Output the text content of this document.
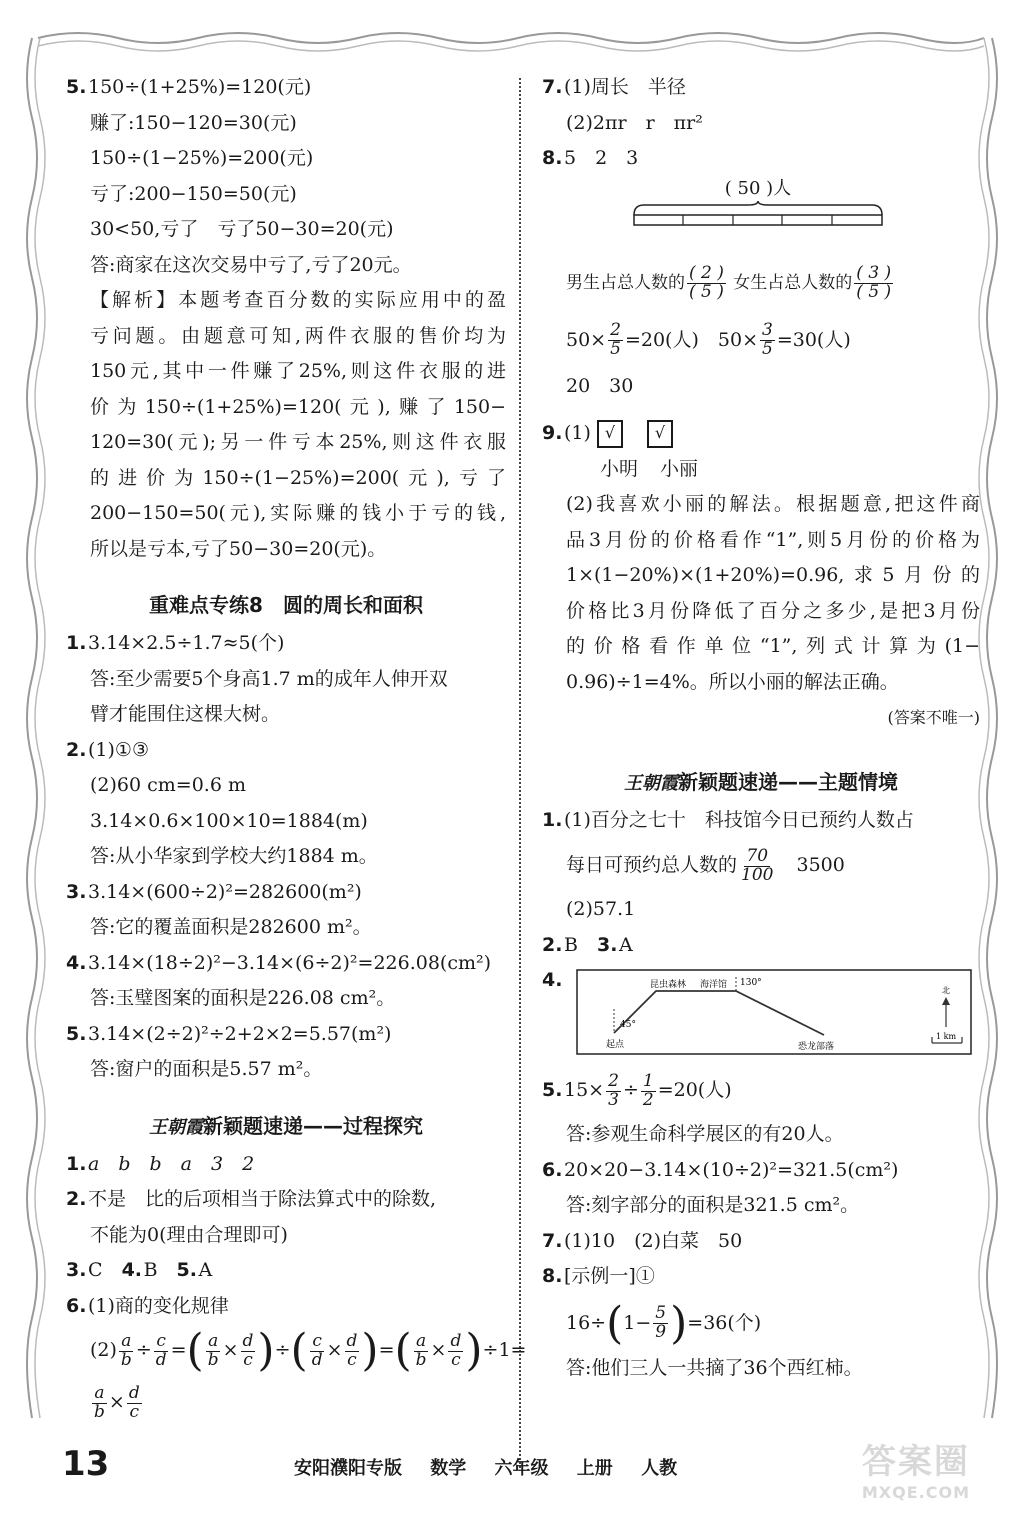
5.150÷(1+25%)=120(元)
赚了:150−120=30(元)
150÷(1−25%)=200(元)
亏了:200−150=50(元)
30<50,亏了　亏了50−30=20(元)
答:商家在这次交易中亏了,亏了20元。
【解析】本题考查百分数的实际应用中的盈
亏问题。由题意可知,两件衣服的售价均为
150元,其中一件赚了25%,则这件衣服的进
价为150÷(1+25%)=120(元),赚了150−
120=30(元);另一件亏本25%,则这件衣服
的进价为150÷(1−25%)=200(元),亏了
200−150=50(元),实际赚的钱小于亏的钱,
所以是亏本,亏了50−30=20(元)。
重难点专练8　圆的周长和面积
1.3.14×2.5÷1.7≈5(个)
答:至少需要5个身高1.7 m的成年人伸开双
臂才能围住这棵大树。
2.(1)①③
(2)60 cm=0.6 m
3.14×0.6×100×10=1884(m)
答:从小华家到学校大约1884 m。
3.3.14×(600÷2)²=282600(m²)
答:它的覆盖面积是282600 m²。
4.3.14×(18÷2)²−3.14×(6÷2)²=226.08(cm²)
答:玉璧图案的面积是226.08 cm²。
5.3.14×(2÷2)²÷2+2×2=5.57(m²)
答:窗户的面积是5.57 m²。
王朝霞新颖题速递——过程探究
1.a　b　b　a　3　2
2.不是　比的后项相当于除法算式中的除数,
不能为0(理由合理即可)
3.C　 4.B　 5.A
6.(1)商的变化规律
$(2) \frac{a}{b} \div \frac{c}{d}$ =( $\frac{a}{b} \times \frac{d}{c}$ )÷( $\frac{c}{d} \times \frac{d}{c}$ )=( $\frac{a}{b} \times \frac{d}{c} )\div 1=$
$\frac{a}{b} \times \frac{d}{c}$
7.(1)周长　半径
(2)2πr　r　πr²
8.5　2　3
( 50 )人
男生占总人数的 $\frac{( 2 )}{( 5 )}$ 女生占总人数的 $\frac{( 3 )}{( 5 )}$
$50\times \frac{2}{5} =20$(人)　 $50\times \frac{3}{5} =30$(人)
20　30
9.(1) √ √
小明 小丽
(2)我喜欢小丽的解法。根据题意,把这件商
品3月份的价格看作“1”,则5月份的价格为
1×(1−20%)×(1+20%)=0.96,求5月份的
价格比3月份降低了百分之多少,是把3月份
的价格看作单位“1”,列式计算为(1−
0.96)÷1=4%。所以小丽的解法正确。
(答案不唯一)
王朝霞新颖题速递——主题情境
1.(1)百分之七十　科技馆今日已预约人数占
每日可预约总人数的 $\frac{70}{100}$
　 3500
(2)57.1
2.B　 3.A
4.
起点
45°
昆虫森林 海洋馆 130°
恐龙部落
北
1 km
$5.15\times \frac{2}{3} \div \frac{1}{2} =20$(人)
答:参观生命科学展区的有20人。
6.20×20−3.14×(10÷2)²=321.5(cm²)
答:刻字部分的面积是321.5 cm²。
7.(1)10　(2)白菜　50
8.[示例一]①
$16\div(1- \frac{5}{9} )=36$(个)
答:他们三人一共摘了36个西红柿。
13	安阳濮阳专版 数学 六年级 上册 人教	答案圈
MXQE.COM
